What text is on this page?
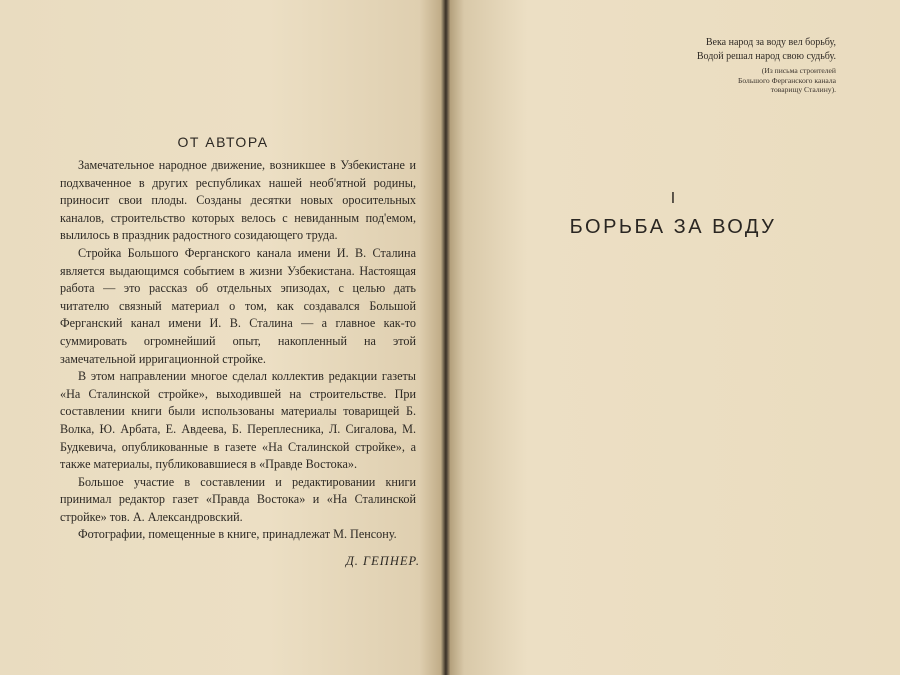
ОТ АВТОРА

Замечательное народное движение, возникшее в Узбекистане и подхваченное в других республиках нашей необ'ятной родины, приносит свои плоды. Созданы десятки новых оросительных каналов, строительство которых велось с невиданным под'емом, вылилось в праздник радостного созидающего труда.

Стройка Большого Ферганского канала имени И. В. Сталина является выдающимся событием в жизни Узбекистана. Настоящая работа — это рассказ об отдельных эпизодах, с целью дать читателю связный материал о том, как создавался Большой Ферганский канал имени И. В. Сталина — а главное как-то суммировать огромнейший опыт, накопленный на этой замечательной ирригационной стройке.

В этом направлении многое сделал коллектив редакции газеты «На Сталинской стройке», выходившей на строительстве. При составлении книги были использованы материалы товарищей Б. Волка, Ю. Арбата, Е. Авдеева, Б. Переплесника, Л. Сигалова, М. Будкевича, опубликованные в газете «На Сталинской стройке», а также материалы, публиковавшиеся в «Правде Востока».

Большое участие в составлении и редактировании книги принимал редактор газет «Правда Востока» и «На Сталинской стройке» тов. А. Александровский.

Фотографии, помещенные в книге, принадлежат М. Пенсону.

Д. ГЕПНЕР.
Века народ за воду вел борьбу,
Водой решал народ свою судьбу.
(Из письма строителей
Большого Ферганского канала
товарищу Сталину).
I
БОРЬБА ЗА ВОДУ
